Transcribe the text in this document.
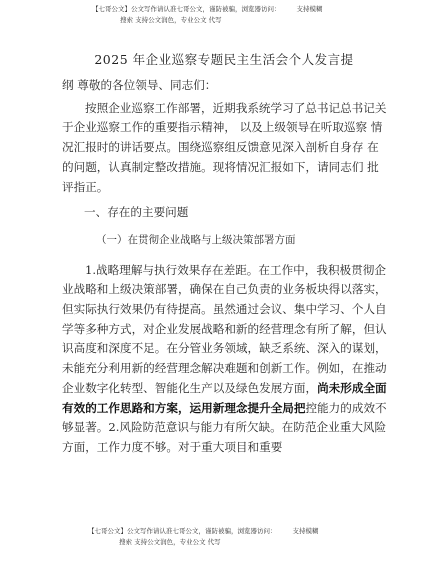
【七哥公文】公文写作请认准七哥公文，谨防被骗，浏览器访问： 支持模糊
搜索 支持公文润色，专业公文 代写
2025 年企业巡察专题民主生活会个人发言提

纲 尊敬的各位领导、同志们：

按照企业巡察工作部署，近期我系统学习了总书记总书记关于企业巡察工作的重要指示精神， 以及上级领导在听取巡察 情况汇报时的讲话要点。围绕巡察组反馈意见深入剖析自身存 在的问题，认真制定整改措施。现将情况汇报如下，请同志们 批评指正。

一、存在的主要问题

（一）在贯彻企业战略与上级决策部署方面

1.战略理解与执行效果存在差距。在工作中，我积极贯彻企业战略和上级决策部署，确保在自己负责的业务板块得以落实，但实际执行效果仍有待提高。虽然通过会议、集中学习、个人自学等多种方式，对企业发展战略和新的经营理念有所了解，但认识高度和深度不足。在分管业务领域，缺乏系统、深入的谋划，未能充分利用新的经营理念解决难题和创新工作。例如，在推动企业数字化转型、智能化生产以及绿色发展方面，尚未形成全面有效的工作思路和方案，运用新理念提升全局把控能力的成效不够显著。2.风险防范意识与能力有所欠缺。在防范企业重大风险方面，工作力度不够。对于重大项目和重要

【七哥公文】公文写作请认准七哥公文，谨防被骗，浏览器访问： 支持模糊
搜索 支持公文润色，专业公文 代写
